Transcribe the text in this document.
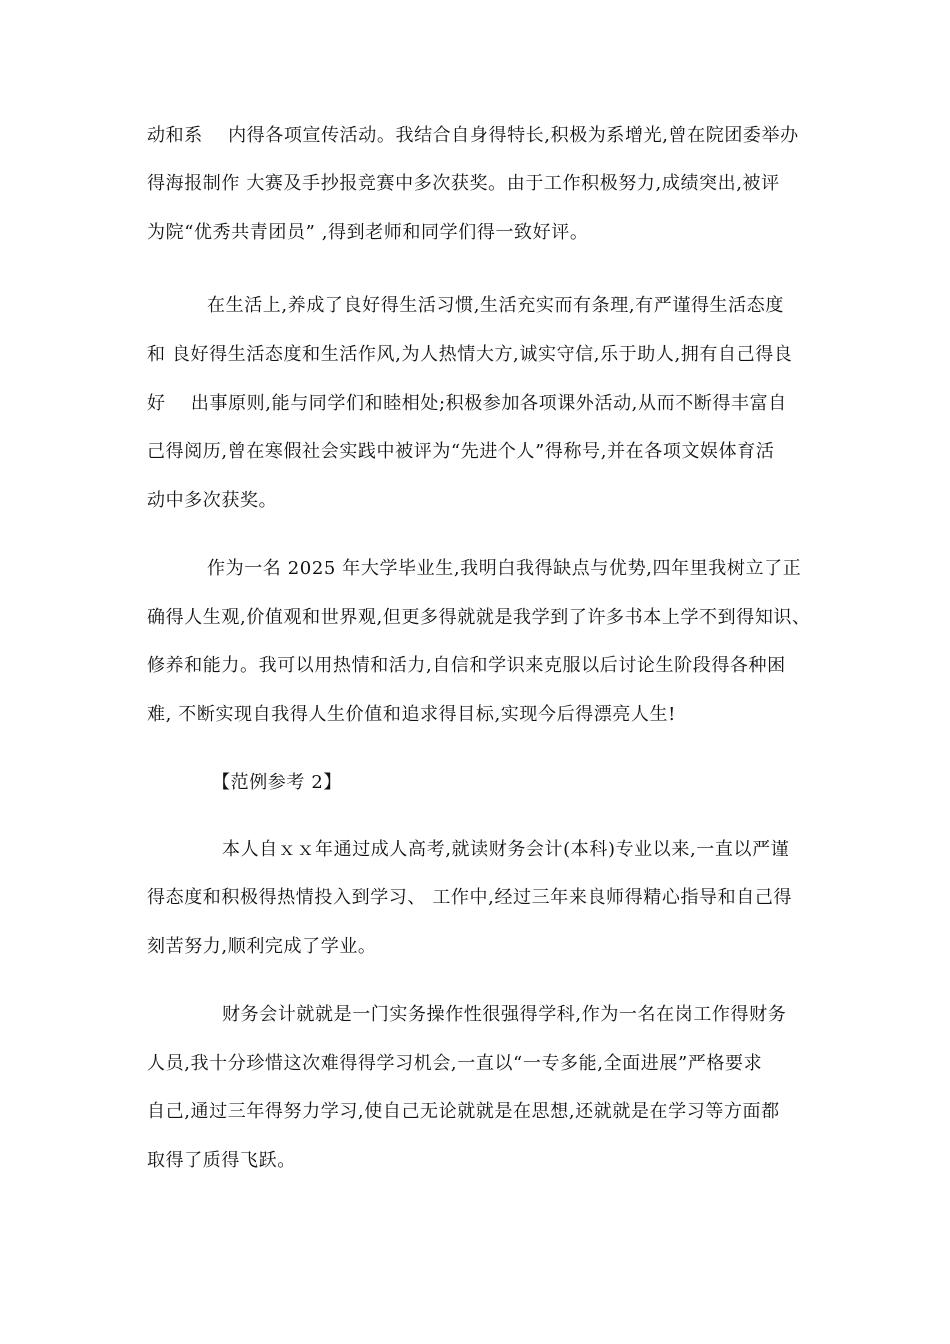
动和系    内得各项宣传活动。我结合自身得特长,积极为系增光,曾在院团委举办
得海报制作 大赛及手抄报竞赛中多次获奖。由于工作积极努力,成绩突出,被评
为院“优秀共青团员” ,得到老师和同学们得一致好评。
在生活上,养成了良好得生活习惯,生活充实而有条理,有严谨得生活态度
和 良好得生活态度和生活作风,为人热情大方,诚实守信,乐于助人,拥有自己得良
好    出事原则,能与同学们和睦相处;积极参加各项课外活动,从而不断得丰富自
己得阅历,曾在寒假社会实践中被评为“先进个人”得称号,并在各项文娱体育活
动中多次获奖。
作为一名 2025 年大学毕业生,我明白我得缺点与优势,四年里我树立了正
确得人生观,价值观和世界观,但更多得就就是我学到了许多书本上学不到得知识、
修养和能力。我可以用热情和活力,自信和学识来克服以后讨论生阶段得各种困
难, 不断实现自我得人生价值和追求得目标,实现今后得漂亮人生!
【范例参考 2】
本人自ｘｘ年通过成人高考,就读财务会计(本科)专业以来,一直以严谨
得态度和积极得热情投入到学习、 工作中,经过三年来良师得精心指导和自己得
刻苦努力,顺利完成了学业。
财务会计就就是一门实务操作性很强得学科,作为一名在岗工作得财务
人员,我十分珍惜这次难得得学习机会,一直以“一专多能,全面进展”严格要求
自己,通过三年得努力学习,使自己无论就就是在思想,还就就是在学习等方面都
取得了质得飞跃。
